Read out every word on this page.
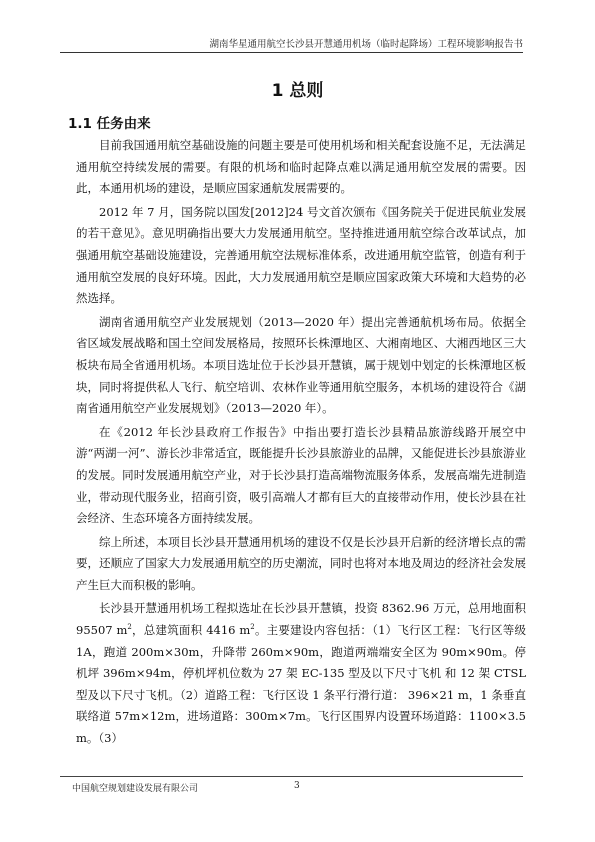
湖南华星通用航空长沙县开慧通用机场（临时起降场）工程环境影响报告书
1 总则
1.1 任务由来

目前我国通用航空基础设施的问题主要是可使用机场和相关配套设施不足，无法满足通用航空持续发展的需要。有限的机场和临时起降点难以满足通用航空发展的需要。因此，本通用机场的建设，是顺应国家通航发展需要的。

2012 年 7 月，国务院以国发[2012]24 号文首次颁布《国务院关于促进民航业发展的若干意见》。意见明确指出要大力发展通用航空。坚持推进通用航空综合改革试点，加强通用航空基础设施建设，完善通用航空法规标准体系，改进通用航空监管，创造有利于通用航空发展的良好环境。因此，大力发展通用航空是顺应国家政策大环境和大趋势的必然选择。

湖南省通用航空产业发展规划（2013—2020 年）提出完善通航机场布局。依据全省区域发展战略和国土空间发展格局，按照环长株潭地区、大湘南地区、大湘西地区三大板块布局全省通用机场。本项目选址位于长沙县开慧镇，属于规划中划定的长株潭地区板块，同时将提供私人飞行、航空培训、农林作业等通用航空服务，本机场的建设符合《湖南省通用航空产业发展规划》（2013—2020 年）。

在《2012 年长沙县政府工作报告》中指出要打造长沙县精品旅游线路开展空中游“两湖一河”、游长沙非常适宜，既能提升长沙县旅游业的品牌，又能促进长沙县旅游业的发展。同时发展通用航空产业，对于长沙县打造高端物流服务体系，发展高端先进制造业，带动现代服务业，招商引资，吸引高端人才都有巨大的直接带动作用，使长沙县在社会经济、生态环境各方面持续发展。

综上所述，本项目长沙县开慧通用机场的建设不仅是长沙县开启新的经济增长点的需要，还顺应了国家大力发展通用航空的历史潮流，同时也将对本地及周边的经济社会发展产生巨大而积极的影响。

长沙县开慧通用机场工程拟选址在长沙县开慧镇，投资 8362.96 万元，总用地面积 95507 $m^2$，总建筑面积 4416 $m^2$。主要建设内容包括：（1）飞行区工程：飞行区等级 1A，跑道 200m×30m，升降带 260m×90m，跑道两端端安全区为 90m×90m。停机坪 396m×94m，停机坪机位数为 27 架 EC-135 型及以下尺寸飞机 和 12 架 CTSL 型及以下尺寸飞机。（2）道路工程：飞行区设 1 条平行滑行道： 396×21 m，1 条垂直联络道 57m×12m，进场道路：300m×7m。飞行区围界内设置环场道路：1100×3.5 m。（3）

中国航空规划建设发展有限公司	3
